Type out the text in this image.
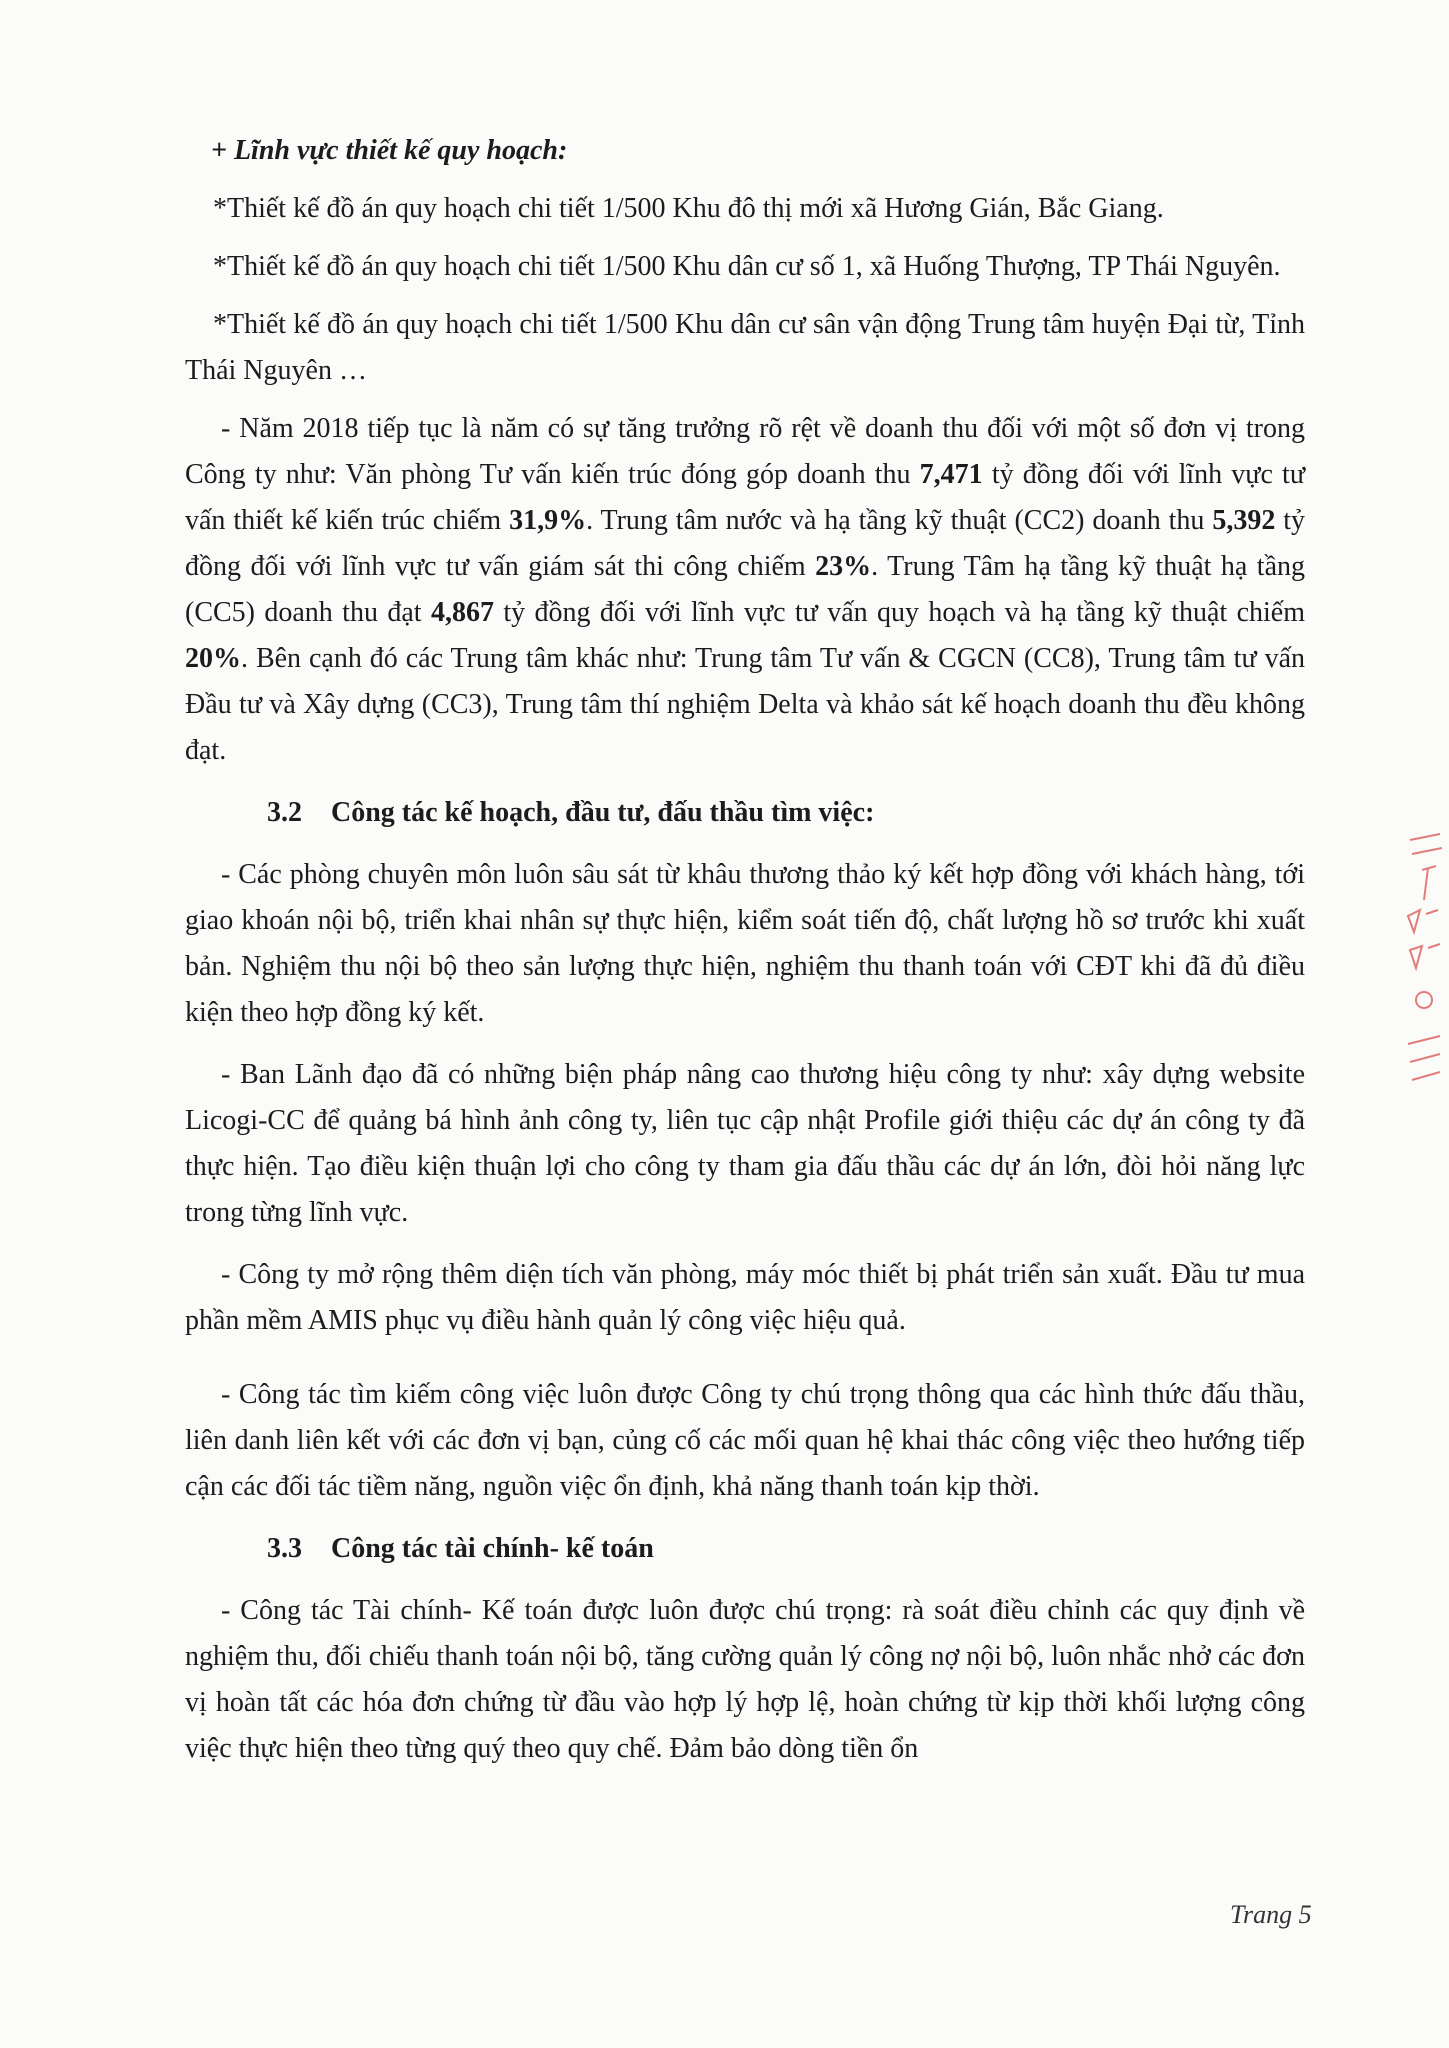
+ Lĩnh vực thiết kế quy hoạch:

*Thiết kế đồ án quy hoạch chi tiết 1/500 Khu đô thị mới xã Hương Gián, Bắc Giang.

*Thiết kế đồ án quy hoạch chi tiết 1/500 Khu dân cư số 1, xã Huống Thượng, TP Thái Nguyên.

*Thiết kế đồ án quy hoạch chi tiết 1/500 Khu dân cư sân vận động Trung tâm huyện Đại từ, Tỉnh Thái Nguyên …

- Năm 2018 tiếp tục là năm có sự tăng trưởng rõ rệt về doanh thu đối với một số đơn vị trong Công ty như: Văn phòng Tư vấn kiến trúc đóng góp doanh thu 7,471 tỷ đồng đối với lĩnh vực tư vấn thiết kế kiến trúc chiếm 31,9%. Trung tâm nước và hạ tầng kỹ thuật (CC2) doanh thu 5,392 tỷ đồng đối với lĩnh vực tư vấn giám sát thi công chiếm 23%. Trung Tâm hạ tầng kỹ thuật hạ tầng (CC5) doanh thu đạt 4,867 tỷ đồng đối với lĩnh vực tư vấn quy hoạch và hạ tầng kỹ thuật chiếm 20%. Bên cạnh đó các Trung tâm khác như: Trung tâm Tư vấn & CGCN (CC8), Trung tâm tư vấn Đầu tư và Xây dựng (CC3), Trung tâm thí nghiệm Delta và khảo sát kế hoạch doanh thu đều không đạt.

3.2 Công tác kế hoạch, đầu tư, đấu thầu tìm việc:

- Các phòng chuyên môn luôn sâu sát từ khâu thương thảo ký kết hợp đồng với khách hàng, tới giao khoán nội bộ, triển khai nhân sự thực hiện, kiểm soát tiến độ, chất lượng hồ sơ trước khi xuất bản. Nghiệm thu nội bộ theo sản lượng thực hiện, nghiệm thu thanh toán với CĐT khi đã đủ điều kiện theo hợp đồng ký kết.

- Ban Lãnh đạo đã có những biện pháp nâng cao thương hiệu công ty như: xây dựng website Licogi-CC để quảng bá hình ảnh công ty, liên tục cập nhật Profile giới thiệu các dự án công ty đã thực hiện. Tạo điều kiện thuận lợi cho công ty tham gia đấu thầu các dự án lớn, đòi hỏi năng lực trong từng lĩnh vực.

- Công ty mở rộng thêm diện tích văn phòng, máy móc thiết bị phát triển sản xuất. Đầu tư mua phần mềm AMIS phục vụ điều hành quản lý công việc hiệu quả.

- Công tác tìm kiếm công việc luôn được Công ty chú trọng thông qua các hình thức đấu thầu, liên danh liên kết với các đơn vị bạn, củng cố các mối quan hệ khai thác công việc theo hướng tiếp cận các đối tác tiềm năng, nguồn việc ổn định, khả năng thanh toán kịp thời.

3.3 Công tác tài chính- kế toán

- Công tác Tài chính- Kế toán được luôn được chú trọng: rà soát điều chỉnh các quy định về nghiệm thu, đối chiếu thanh toán nội bộ, tăng cường quản lý công nợ nội bộ, luôn nhắc nhở các đơn vị hoàn tất các hóa đơn chứng từ đầu vào hợp lý hợp lệ, hoàn chứng từ kịp thời khối lượng công việc thực hiện theo từng quý theo quy chế. Đảm bảo dòng tiền ổn

Trang 5
